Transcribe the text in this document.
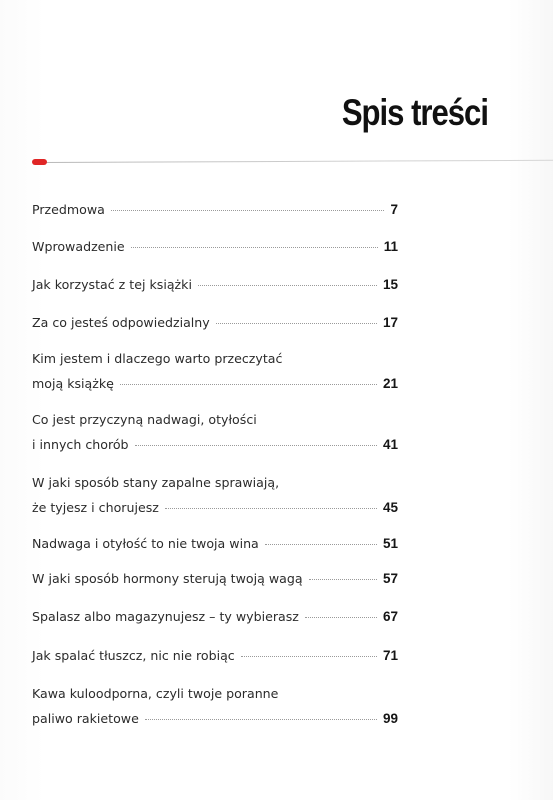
Spis treści
Przedmowa	7
Wprowadzenie	11
Jak korzystać z tej książki	15
Za co jesteś odpowiedzialny	17
Kim jestem i dlaczego warto przeczytać
moją książkę	21
Co jest przyczyną nadwagi, otyłości
i innych chorób	41
W jaki sposób stany zapalne sprawiają,
że tyjesz i chorujesz	45
Nadwaga i otyłość to nie twoja wina	51
W jaki sposób hormony sterują twoją wagą	57
Spalasz albo magazynujesz – ty wybierasz	67
Jak spalać tłuszcz, nic nie robiąc	71
Kawa kuloodporna, czyli twoje poranne
paliwo rakietowe	99
